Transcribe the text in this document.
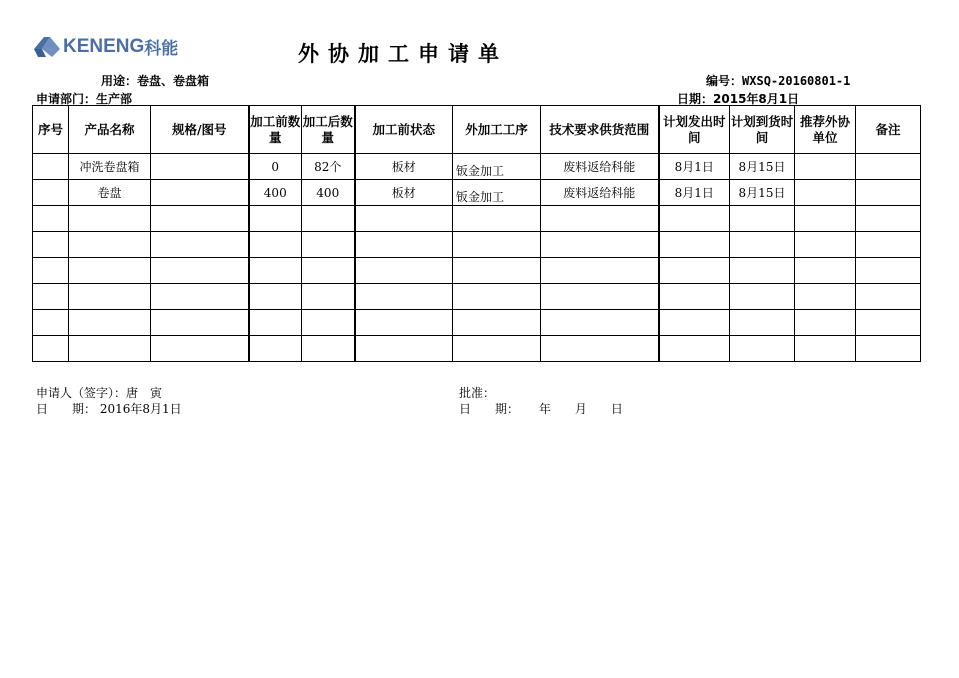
KENENG 科能	外协加工申请单
用途：卷盘、卷盘箱	编号：WXSQ-20160801-1
申请部门：生产部	日期：2015年8月1日
序号	产品名称	规格/图号	加工前数量	加工后数量	加工前状态	外加工工序	技术要求供货范围	计划发出时间	计划到货时间	推荐外协单位	备注
	冲洗卷盘箱		0	82个	板材	钣金加工	废料返给科能	8月1日	8月15日		
	卷盘		400	400	板材	钣金加工	废料返给科能	8月1日	8月15日		

申请人（签字）：唐　寅
日　　期： 2016年8月1日
批准：
日　　期： 年　　月　　日
